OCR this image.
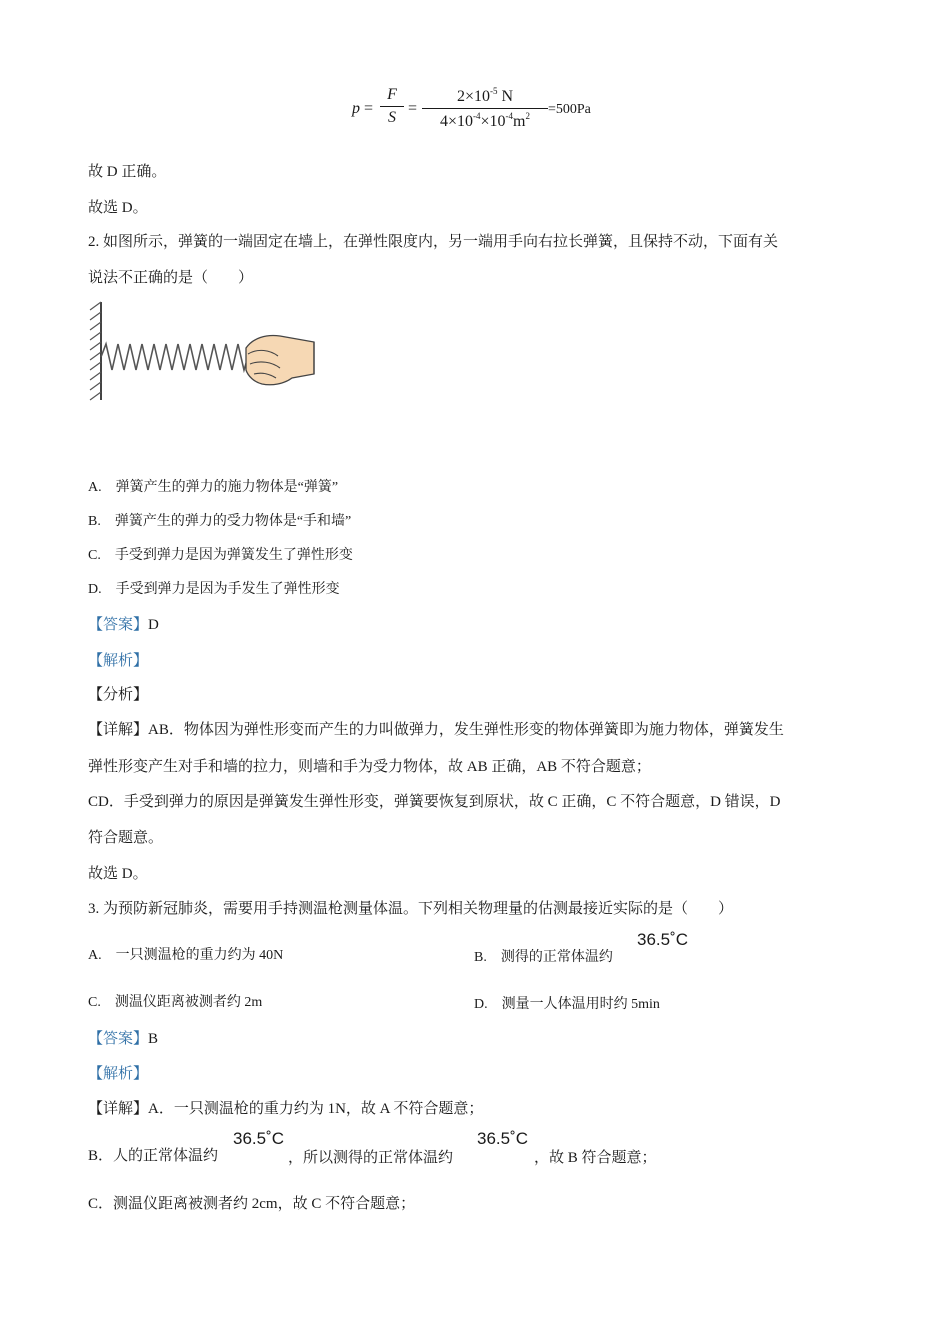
$p = \frac{F}{S} = \frac{2\times 10^{-5} N}{4\times 10^{-4}\times 10^{-4}m^2} =500Pa$
故 D 正确。
故选 D。
2. 如图所示，弹簧的一端固定在墙上，在弹性限度内，另一端用手向右拉长弹簧，且保持不动，下面有关
说法不正确的是（　　）
A.　弹簧产生的弹力的施力物体是“弹簧”
B.　弹簧产生的弹力的受力物体是“手和墙”
C.　手受到弹力是因为弹簧发生了弹性形变
D.　手受到弹力是因为手发生了弹性形变
【答案】D
【解析】
【分析】
【详解】AB．物体因为弹性形变而产生的力叫做弹力，发生弹性形变的物体弹簧即为施力物体，弹簧发生
弹性形变产生对手和墙的拉力，则墙和手为受力物体，故 AB 正确，AB 不符合题意；
CD．手受到弹力的原因是弹簧发生弹性形变，弹簧要恢复到原状，故 C 正确，C 不符合题意，D 错误，D
符合题意。
故选 D。
3. 为预防新冠肺炎，需要用手持测温枪测量体温。下列相关物理量的估测最接近实际的是（　　）
A.　一只测温枪的重力约为 40N	B.　测得的正常体温约
36.5˚C
C.　测温仪距离被测者约 2m	D.　测量一人体温用时约 5min
【答案】B
【解析】
【详解】A．一只测温枪的重力约为 1N，故 A 不符合题意；
B．人的正常体温约
36.5˚C
，所以测得的正常体温约
36.5˚C
，故 B 符合题意；
C．测温仪距离被测者约 2cm，故 C 不符合题意；
